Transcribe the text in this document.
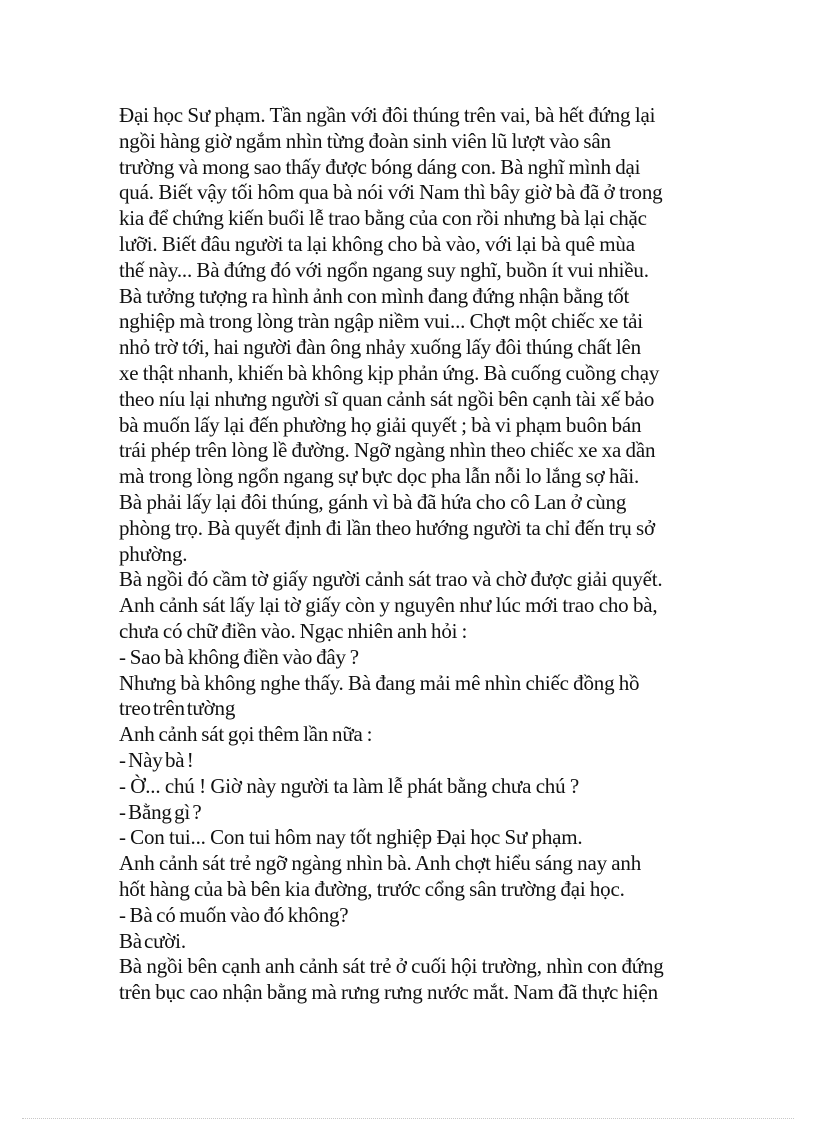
Đại học Sư phạm. Tần ngần với đôi thúng trên vai, bà hết đứng lại
ngồi hàng giờ ngắm nhìn từng đoàn sinh viên lũ lượt vào sân
trường và mong sao thấy được bóng dáng con. Bà nghĩ mình dại
quá. Biết vậy tối hôm qua bà nói với Nam thì bây giờ bà đã ở trong
kia để chứng kiến buổi lễ trao bằng của con rồi nhưng bà lại chặc
lưỡi. Biết đâu người ta lại không cho bà vào, với lại bà quê mùa
thế này... Bà đứng đó với ngổn ngang suy nghĩ, buồn ít vui nhiều.
Bà tưởng tượng ra hình ảnh con mình đang đứng nhận bằng tốt
nghiệp mà trong lòng tràn ngập niềm vui... Chợt một chiếc xe tải
nhỏ trờ tới, hai người đàn ông nhảy xuống lấy đôi thúng chất lên
xe thật nhanh, khiến bà không kịp phản ứng. Bà cuống cuồng chạy
theo níu lại nhưng người sĩ quan cảnh sát ngồi bên cạnh tài xế bảo
bà muốn lấy lại đến phường họ giải quyết ; bà vi phạm buôn bán
trái phép trên lòng lề đường. Ngỡ ngàng nhìn theo chiếc xe xa dần
mà trong lòng ngổn ngang sự bực dọc pha lẫn nỗi lo lắng sợ hãi.
Bà phải lấy lại đôi thúng, gánh vì bà đã hứa cho cô Lan ở cùng
phòng trọ. Bà quyết định đi lần theo hướng người ta chỉ đến trụ sở
phường.
Bà ngồi đó cầm tờ giấy người cảnh sát trao và chờ được giải quyết.
Anh cảnh sát lấy lại tờ giấy còn y nguyên như lúc mới trao cho bà,
chưa có chữ điền vào. Ngạc nhiên anh hỏi :
- Sao bà không điền vào đây ?
Nhưng bà không nghe thấy. Bà đang mải mê nhìn chiếc đồng hồ
treo trên tường
Anh cảnh sát gọi thêm lần nữa :
- Này bà !
- Ờ... chú ! Giờ này người ta làm lễ phát bằng chưa chú ?
- Bằng gì ?
- Con tui... Con tui hôm nay tốt nghiệp Đại học Sư phạm.
Anh cảnh sát trẻ ngỡ ngàng nhìn bà. Anh chợt hiểu sáng nay anh
hốt hàng của bà bên kia đường, trước cổng sân trường đại học.
- Bà có muốn vào đó không?
Bà cười.
Bà ngồi bên cạnh anh cảnh sát trẻ ở cuối hội trường, nhìn con đứng
trên bục cao nhận bằng mà rưng rưng nước mắt. Nam đã thực hiện
